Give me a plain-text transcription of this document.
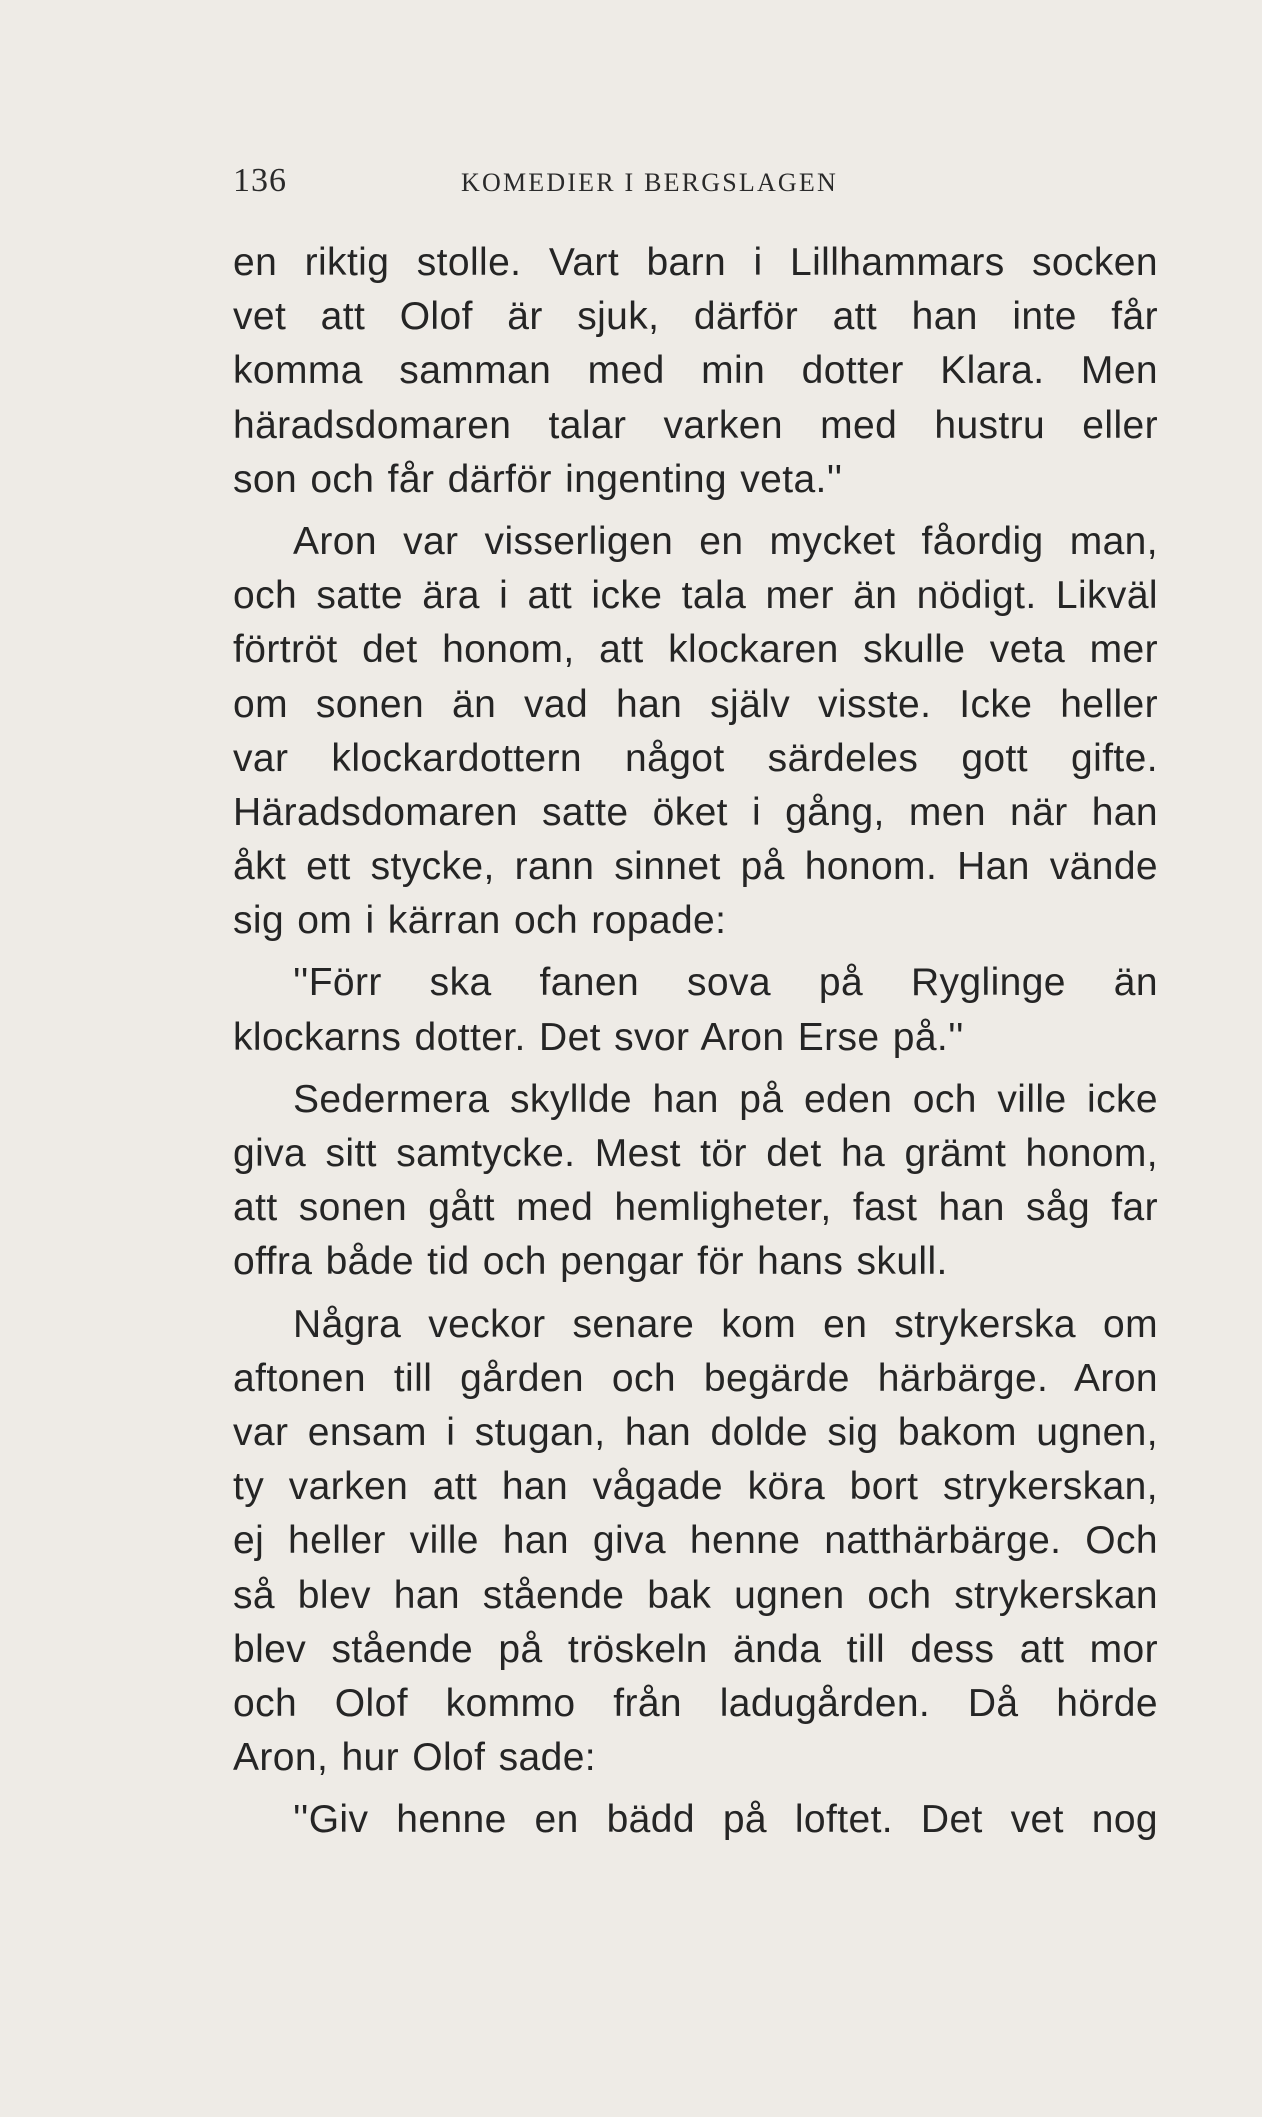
136	KOMEDIER I BERGSLAGEN
en riktig stolle. Vart barn i Lillhammars socken
vet att Olof är sjuk, därför att han inte får
komma samman med min dotter Klara. Men
häradsdomaren talar varken med hustru eller
son och får därför ingenting veta.''
Aron var visserligen en mycket fåordig man,
och satte ära i att icke tala mer än nödigt. Likväl
förtröt det honom, att klockaren skulle veta mer
om sonen än vad han själv visste. Icke heller
var klockardottern något särdeles gott gifte.
Häradsdomaren satte öket i gång, men när han
åkt ett stycke, rann sinnet på honom. Han vände
sig om i kärran och ropade:
''Förr ska fanen sova på Ryglinge än
klockarns dotter. Det svor Aron Erse på.''
Sedermera skyllde han på eden och ville icke
giva sitt samtycke. Mest tör det ha grämt honom,
att sonen gått med hemligheter, fast han såg far
offra både tid och pengar för hans skull.
Några veckor senare kom en strykerska om
aftonen till gården och begärde härbärge. Aron
var ensam i stugan, han dolde sig bakom ugnen,
ty varken att han vågade köra bort strykerskan,
ej heller ville han giva henne natthärbärge. Och
så blev han stående bak ugnen och strykerskan
blev stående på tröskeln ända till dess att mor
och Olof kommo från ladugården. Då hörde
Aron, hur Olof sade:
''Giv henne en bädd på loftet. Det vet nog
